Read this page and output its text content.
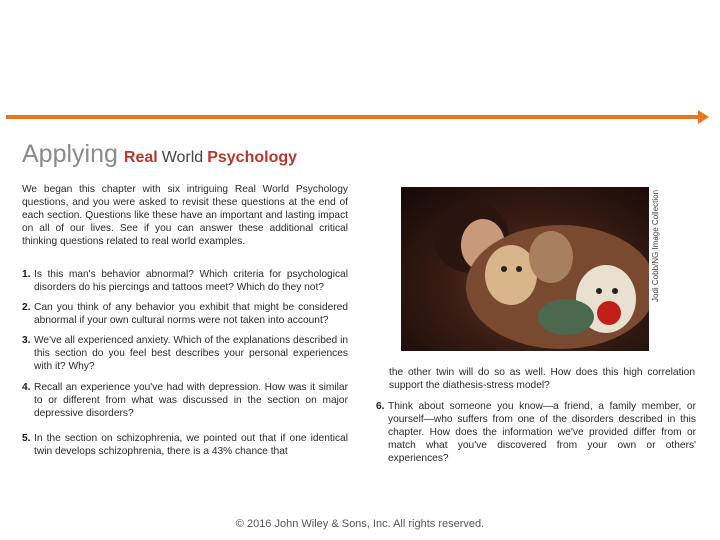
Applying Real World Psychology
We began this chapter with six intriguing Real World Psychology questions, and you were asked to revisit these questions at the end of each section. Questions like these have an important and lasting impact on all of our lives. See if you can answer these additional critical thinking questions related to real world examples.
1. Is this man's behavior abnormal? Which criteria for psychological disorders do his piercings and tattoos meet? Which do they not?
2. Can you think of any behavior you exhibit that might be considered abnormal if your own cultural norms were not taken into account?
3. We've all experienced anxiety. Which of the explanations described in this section do you feel best describes your personal experiences with it? Why?
4. Recall an experience you've had with depression. How was it similar to or different from what was discussed in the section on major depressive disorders?
5. In the section on schizophrenia, we pointed out that if one identical twin develops schizophrenia, there is a 43% chance that
Jodi Cobb/NG Image Collection
the other twin will do so as well. How does this high correlation support the diathesis-stress model?
6. Think about someone you know—a friend, a family member, or yourself—who suffers from one of the disorders described in this chapter. How does the information we've provided differ from or match what you've discovered from your own or others' experiences?
© 2016 John Wiley & Sons, Inc. All rights reserved.
